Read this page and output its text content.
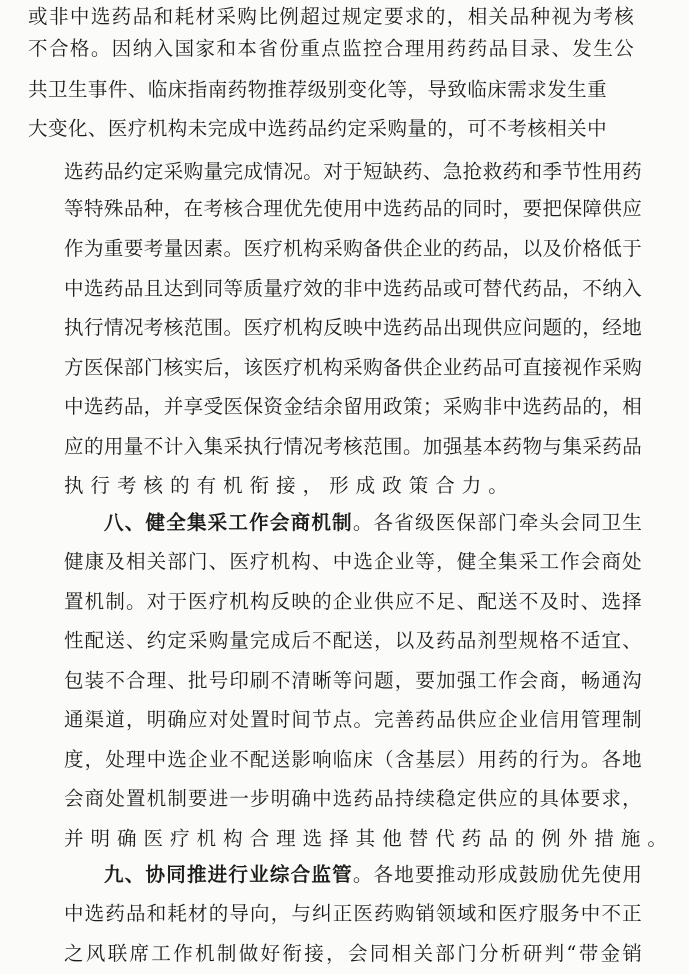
或 非 中 选 药 品 和 耗 材 采 购 比 例 超 过 规 定 要 求 的 ， 相 关 品 种 视 为 考 核
不 合 格 。 因 纳 入 国 家 和 本 省 份 重 点 监 控 合 理 用 药 药 品 目 录 、 发 生 公
共 卫 生 事 件 、 临 床 指 南 药 物 推 荐 级 别 变 化 等 ， 导 致 临 床 需 求 发 生 重
大 变 化 、 医 疗 机 构 未 完 成 中 选 药 品 约 定 采 购 量 的 ， 可 不 考 核 相 关 中
选 药 品 约 定 采 购 量 完 成 情 况 。 对 于 短 缺 药 、 急 抢 救 药 和 季 节 性 用 药
等 特 殊 品 种 ， 在 考 核 合 理 优 先 使 用 中 选 药 品 的 同 时 ， 要 把 保 障 供 应
作 为 重 要 考 量 因 素 。 医 疗 机 构 采 购 备 供 企 业 的 药 品 ， 以 及 价 格 低 于
中 选 药 品 且 达 到 同 等 质 量 疗 效 的 非 中 选 药 品 或 可 替 代 药 品 ， 不 纳 入
执 行 情 况 考 核 范 围 。 医 疗 机 构 反 映 中 选 药 品 出 现 供 应 问 题 的 ， 经 地
方 医 保 部 门 核 实 后 ， 该 医 疗 机 构 采 购 备 供 企 业 药 品 可 直 接 视 作 采 购
中 选 药 品 ， 并 享 受 医 保 资 金 结 余 留 用 政 策 ； 采 购 非 中 选 药 品 的 ， 相
应 的 用 量 不 计 入 集 采 执 行 情 况 考 核 范 围 。 加 强 基 本 药 物 与 集 采 药 品
执 行 考 核 的 有 机 衔 接 ， 形 成 政 策 合 力 。
八 、 健 全 集 采 工 作 会 商 机 制 。 各 省 级 医 保 部 门 牵 头 会 同 卫 生
健 康 及 相 关 部 门 、 医 疗 机 构 、 中 选 企 业 等 ， 健 全 集 采 工 作 会 商 处
置 机 制 。 对 于 医 疗 机 构 反 映 的 企 业 供 应 不 足 、 配 送 不 及 时 、 选 择
性 配 送 、 约 定 采 购 量 完 成 后 不 配 送 ， 以 及 药 品 剂 型 规 格 不 适 宜 、
包 装 不 合 理 、 批 号 印 刷 不 清 晰 等 问 题 ， 要 加 强 工 作 会 商 ， 畅 通 沟
通 渠 道 ， 明 确 应 对 处 置 时 间 节 点 。 完 善 药 品 供 应 企 业 信 用 管 理 制
度 ， 处 理 中 选 企 业 不 配 送 影 响 临 床 （ 含 基 层 ） 用 药 的 行 为 。 各 地
会 商 处 置 机 制 要 进 一 步 明 确 中 选 药 品 持 续 稳 定 供 应 的 具 体 要 求 ，
并 明 确 医 疗 机 构 合 理 选 择 其 他 替 代 药 品 的 例 外 措 施 。
九 、 协 同 推 进 行 业 综 合 监 管 。 各 地 要 推 动 形 成 鼓 励 优 先 使 用
中 选 药 品 和 耗 材 的 导 向 ， 与 纠 正 医 药 购 销 领 域 和 医 疗 服 务 中 不 正
之 风 联 席 工 作 机 制 做 好 衔 接 ， 会 同 相 关 部 门 分 析 研 判 “ 带 金 销
